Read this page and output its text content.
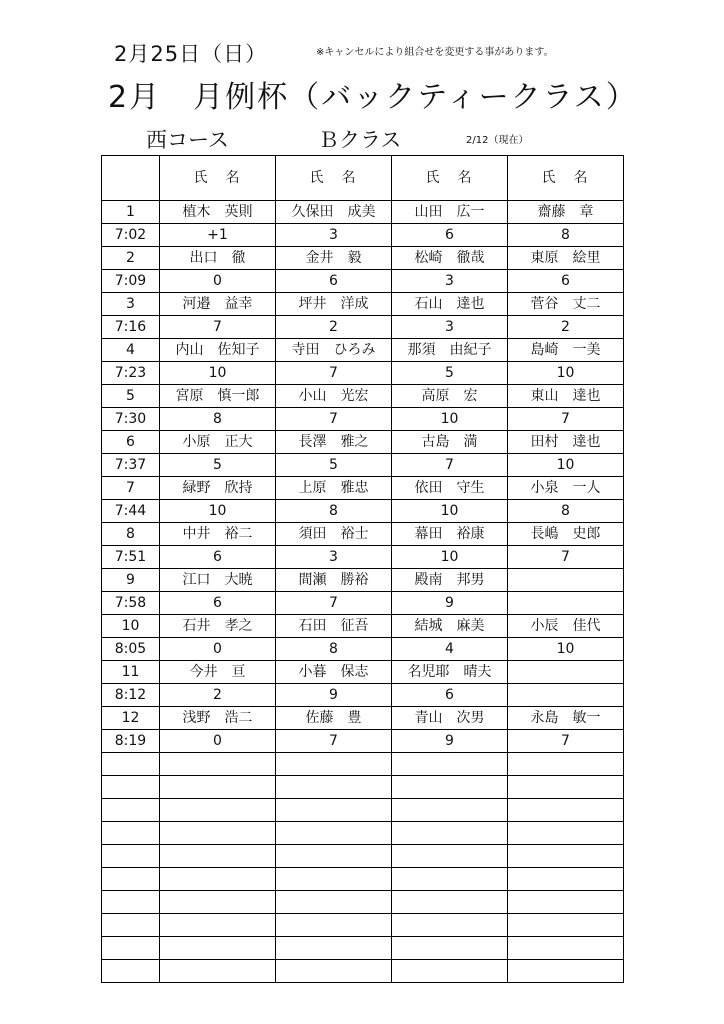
2月25日（日）	※キャンセルにより組合せを変更する事があります。
2月　月例杯（バックティークラス）
西コース	Ｂクラス	2/12（現在）
	氏　名	氏　名	氏　名	氏　名
1	植木　英則	久保田　成美	山田　広一	齋藤　章
7:02	+1	3	6	8
2	出口　徹	金井　毅	松崎　徹哉	東原　絵里
7:09	0	6	3	6
3	河邉　益幸	坪井　洋成	石山　達也	菅谷　丈二
7:16	7	2	3	2
4	内山　佐知子	寺田　ひろみ	那須　由紀子	島崎　一美
7:23	10	7	5	10
5	宮原　慎一郎	小山　光宏	高原　宏	東山　達也
7:30	8	7	10	7
6	小原　正大	長澤　雅之	古島　満	田村　達也
7:37	5	5	7	10
7	緑野　欣持	上原　雅忠	依田　守生	小泉　一人
7:44	10	8	10	8
8	中井　裕二	須田　裕士	幕田　裕康	長嶋　史郎
7:51	6	3	10	7
9	江口　大暁	間瀬　勝裕	殿南　邦男	
7:58	6	7	9	
10	石井　孝之	石田　征吾	結城　麻美	小辰　佳代
8:05	0	8	4	10
11	今井　亘	小暮　保志	名児耶　晴夫	
8:12	2	9	6	
12	浅野　浩二	佐藤　豊	青山　次男	永島　敏一
8:19	0	7	9	7
